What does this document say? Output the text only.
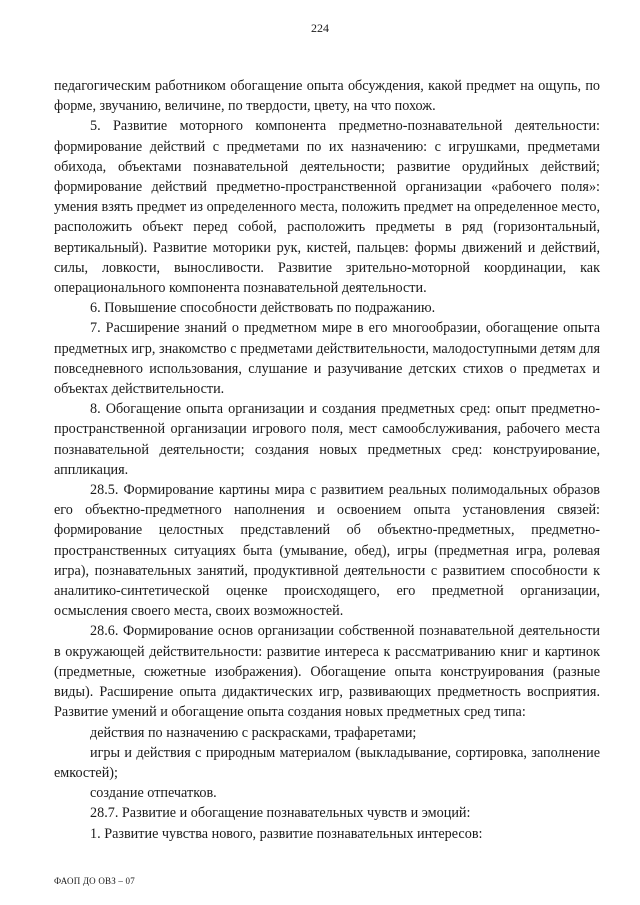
224

педагогическим работником обогащение опыта обсуждения, какой предмет на ощупь, по форме, звучанию, величине, по твердости, цвету, на что похож.

5. Развитие моторного компонента предметно-познавательной деятельности: формирование действий с предметами по их назначению: с игрушками, предметами обихода, объектами познавательной деятельности; развитие орудийных действий; формирование действий предметно-пространственной организации «рабочего поля»: умения взять предмет из определенного места, положить предмет на определенное место, расположить объект перед собой, расположить предметы в ряд (горизонтальный, вертикальный). Развитие моторики рук, кистей, пальцев: формы движений и действий, силы, ловкости, выносливости. Развитие зрительно-моторной координации, как операционального компонента познавательной деятельности.

6. Повышение способности действовать по подражанию.

7. Расширение знаний о предметном мире в его многообразии, обогащение опыта предметных игр, знакомство с предметами действительности, малодоступными детям для повседневного использования, слушание и разучивание детских стихов о предметах и объектах действительности.

8. Обогащение опыта организации и создания предметных сред: опыт предметно-пространственной организации игрового поля, мест самообслуживания, рабочего места познавательной деятельности; создания новых предметных сред: конструирование, аппликация.

28.5. Формирование картины мира с развитием реальных полимодальных образов его объектно-предметного наполнения и освоением опыта установления связей: формирование целостных представлений об объектно-предметных, предметно-пространственных ситуациях быта (умывание, обед), игры (предметная игра, ролевая игра), познавательных занятий, продуктивной деятельности с развитием способности к аналитико-синтетической оценке происходящего, его предметной организации, осмысления своего места, своих возможностей.

28.6. Формирование основ организации собственной познавательной деятельности в окружающей действительности: развитие интереса к рассматриванию книг и картинок (предметные, сюжетные изображения). Обогащение опыта конструирования (разные виды). Расширение опыта дидактических игр, развивающих предметность восприятия. Развитие умений и обогащение опыта создания новых предметных сред типа:

действия по назначению с раскрасками, трафаретами;

игры и действия с природным материалом (выкладывание, сортировка, заполнение емкостей);

создание отпечатков.

28.7. Развитие и обогащение познавательных чувств и эмоций:

1. Развитие чувства нового, развитие познавательных интересов:

ФАОП ДО ОВЗ – 07
